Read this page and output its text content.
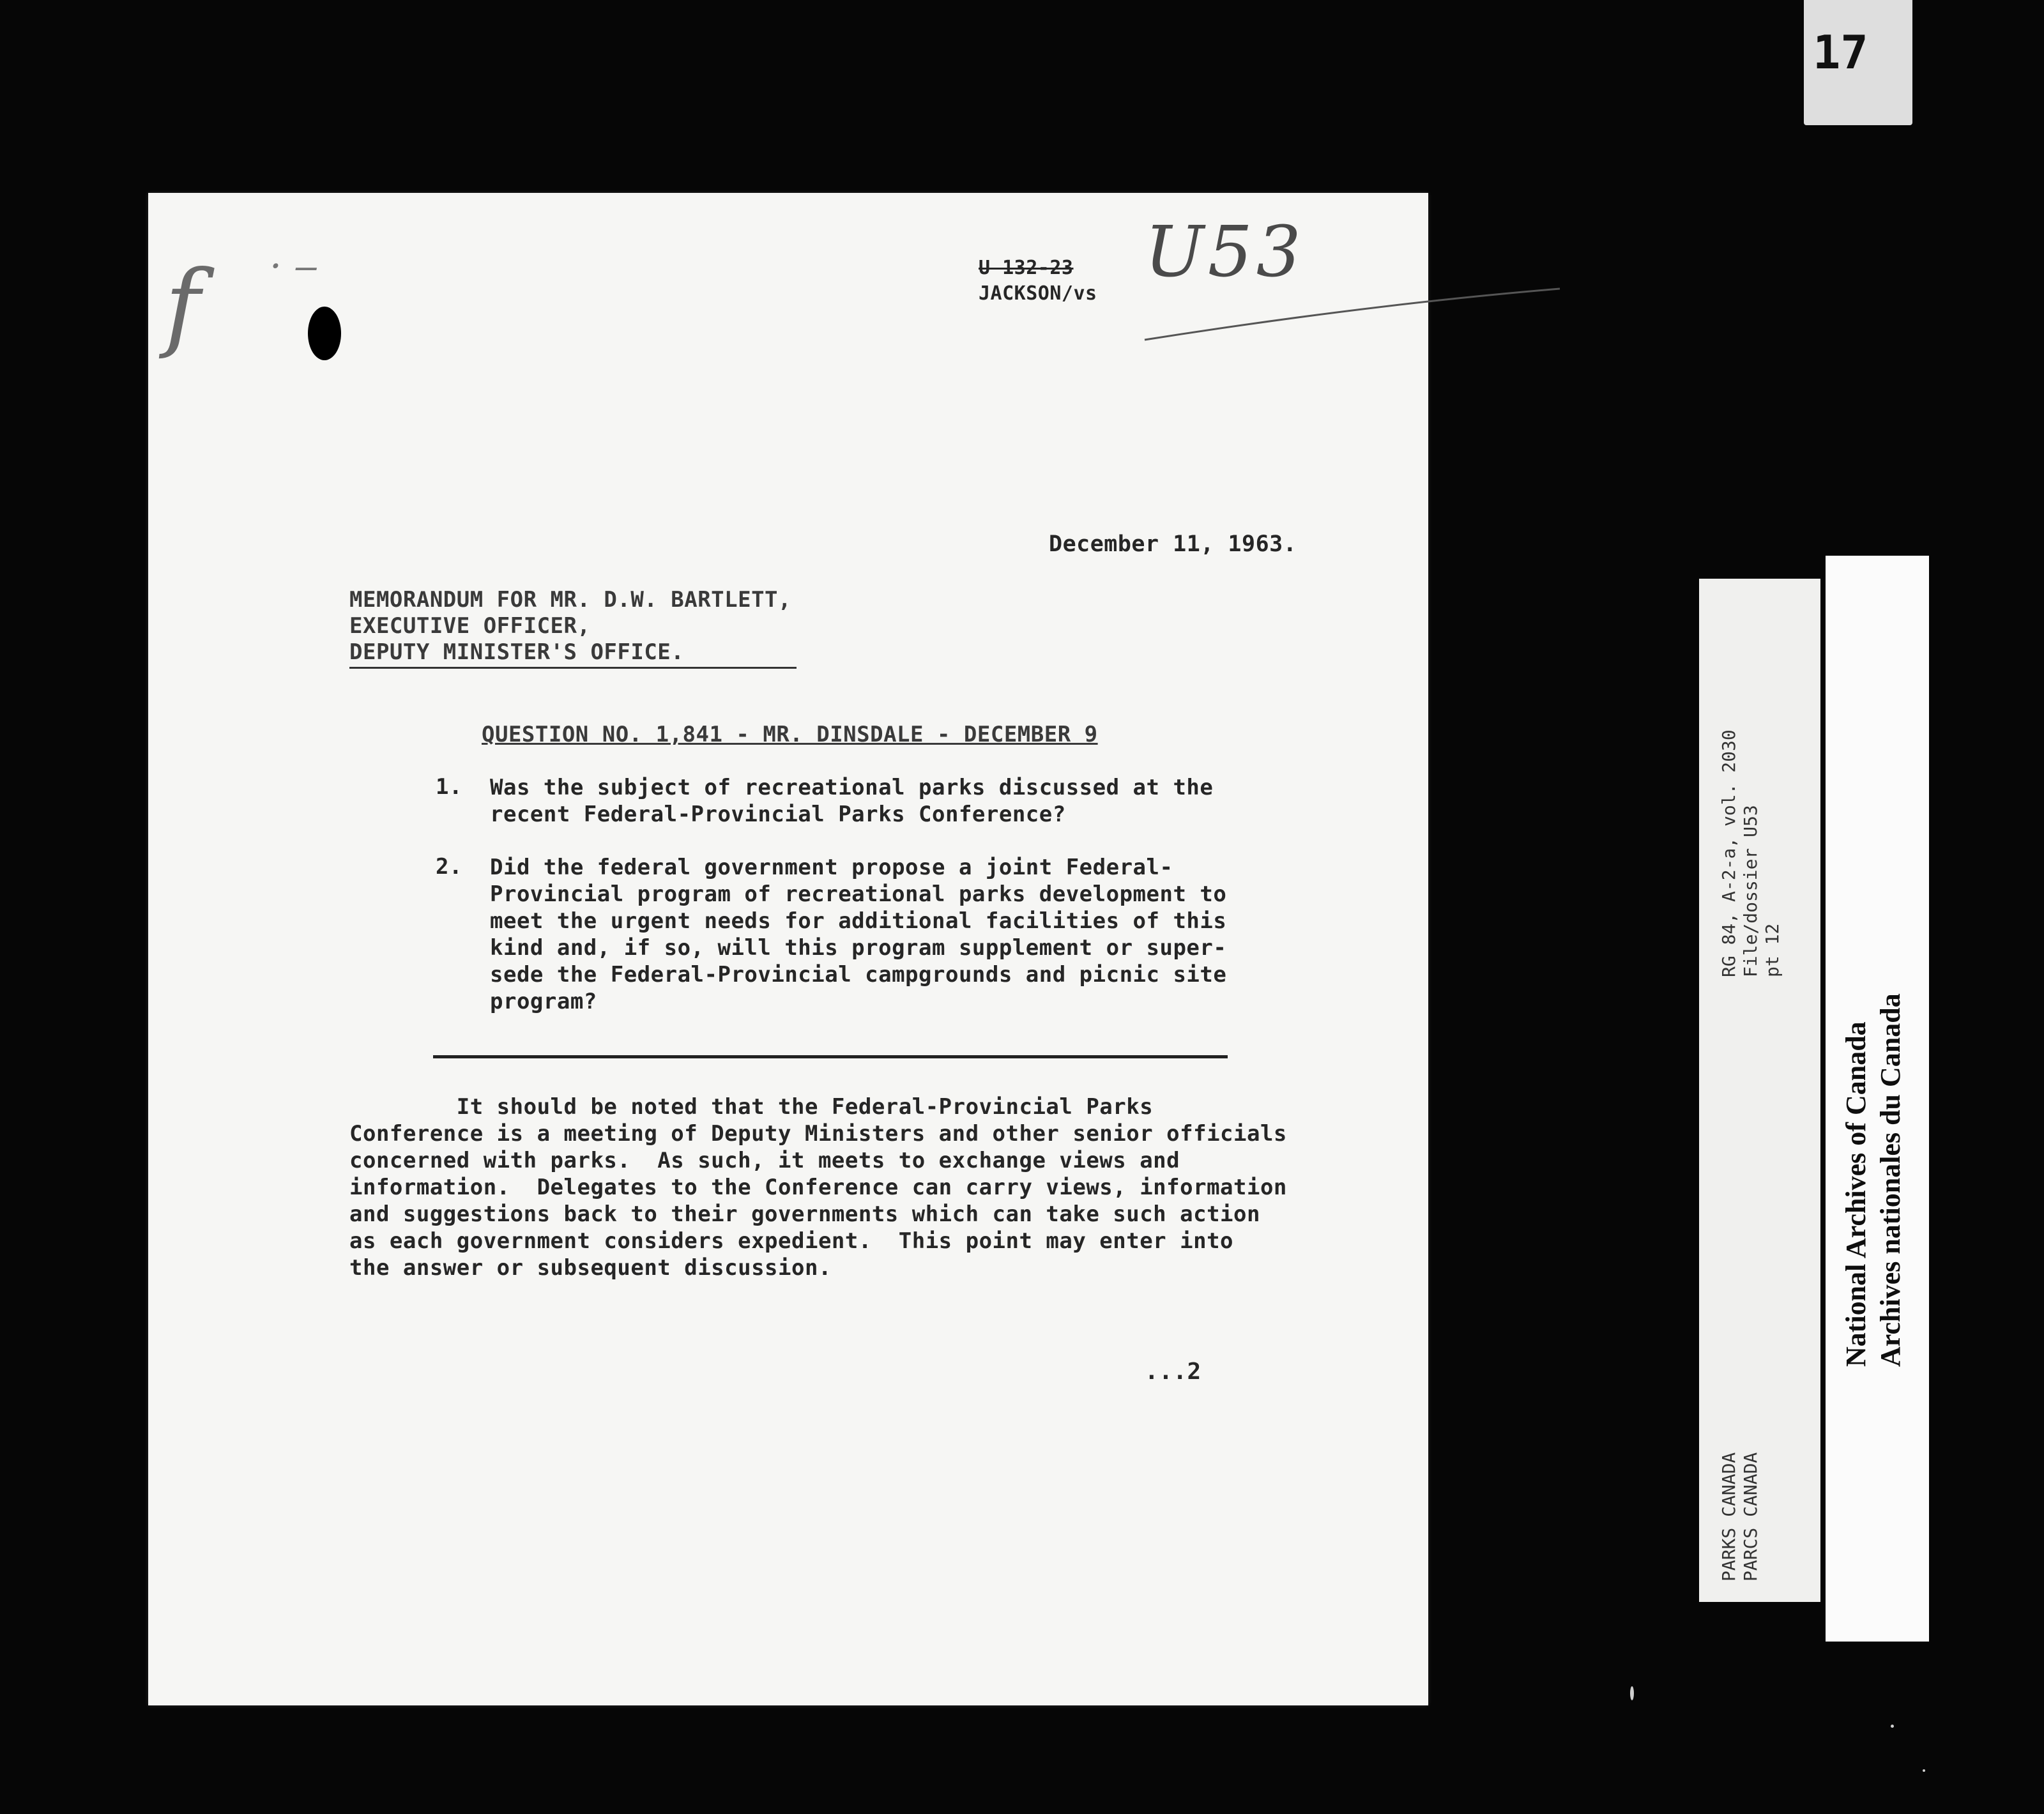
17
f · ‒	U 132-23
JACKSON/vs
U53
December 11, 1963.
MEMORANDUM FOR MR. D.W. BARTLETT,
EXECUTIVE OFFICER,
DEPUTY MINISTER'S OFFICE.
QUESTION NO. 1,841 - MR. DINSDALE - DECEMBER 9
1. Was the subject of recreational parks discussed at the
recent Federal-Provincial Parks Conference?
2. Did the federal government propose a joint Federal-
Provincial program of recreational parks development to
meet the urgent needs for additional facilities of this
kind and, if so, will this program supplement or super-
sede the Federal-Provincial campgrounds and picnic site
program?
It should be noted that the Federal-Provincial Parks
Conference is a meeting of Deputy Ministers and other senior officials
concerned with parks.  As such, it meets to exchange views and
information.  Delegates to the Conference can carry views, information
and suggestions back to their governments which can take such action
as each government considers expedient.  This point may enter into
the answer or subsequent discussion.
...2
RG 84, A-2-a, vol. 2030
File/dossier U53
pt 12
PARKS CANADA
PARCS CANADA
National Archives of Canada Archives nationales du Canada
